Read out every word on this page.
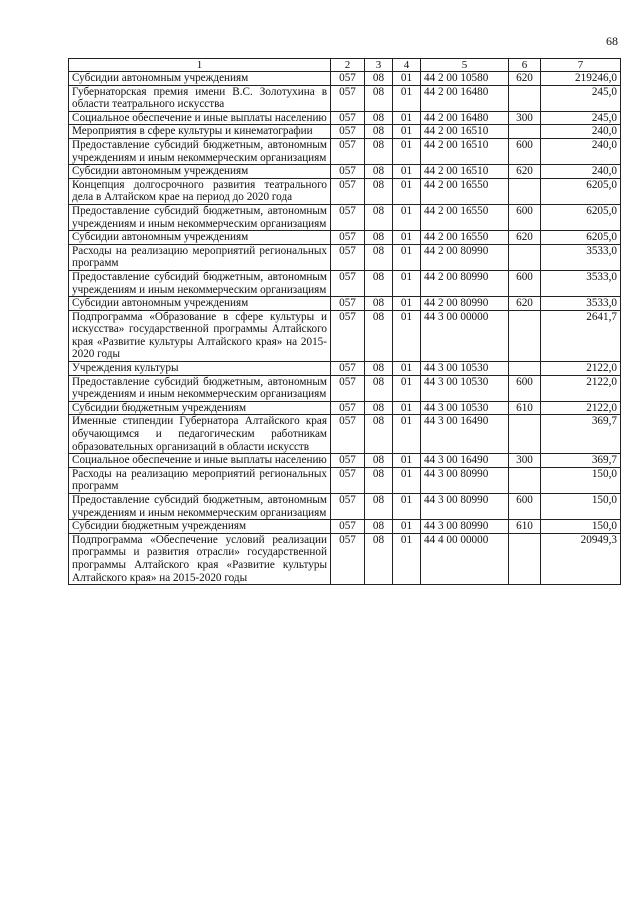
68
1	2	3	4	5	6	7
Субсидии автономным учреждениям	057	08	01	44 2 00 10580	620	219246,0
Губернаторская премия имени В.С. Золотухина в области театрального искусства	057	08	01	44 2 00 16480		245,0
Социальное обеспечение и иные выплаты населению	057	08	01	44 2 00 16480	300	245,0
Мероприятия в сфере культуры и кинематографии	057	08	01	44 2 00 16510		240,0
Предоставление субсидий бюджетным, автономным учреждениям и иным некоммерческим организациям	057	08	01	44 2 00 16510	600	240,0
Субсидии автономным учреждениям	057	08	01	44 2 00 16510	620	240,0
Концепция долгосрочного развития театрального дела в Алтайском крае на период до 2020 года	057	08	01	44 2 00 16550		6205,0
Предоставление субсидий бюджетным, автономным учреждениям и иным некоммерческим организациям	057	08	01	44 2 00 16550	600	6205,0
Субсидии автономным учреждениям	057	08	01	44 2 00 16550	620	6205,0
Расходы на реализацию мероприятий региональных программ	057	08	01	44 2 00 80990		3533,0
Предоставление субсидий бюджетным, автономным учреждениям и иным некоммерческим организациям	057	08	01	44 2 00 80990	600	3533,0
Субсидии автономным учреждениям	057	08	01	44 2 00 80990	620	3533,0
Подпрограмма «Образование в сфере культуры и искусства» государственной программы Алтайского края «Развитие культуры Алтайского края» на 2015-2020 годы	057	08	01	44 3 00 00000		2641,7
Учреждения культуры	057	08	01	44 3 00 10530		2122,0
Предоставление субсидий бюджетным, автономным учреждениям и иным некоммерческим организациям	057	08	01	44 3 00 10530	600	2122,0
Субсидии бюджетным учреждениям	057	08	01	44 3 00 10530	610	2122,0
Именные стипендии Губернатора Алтайского края обучающимся и педагогическим работникам образовательных организаций в области искусств	057	08	01	44 3 00 16490		369,7
Социальное обеспечение и иные выплаты населению	057	08	01	44 3 00 16490	300	369,7
Расходы на реализацию мероприятий региональных программ	057	08	01	44 3 00 80990		150,0
Предоставление субсидий бюджетным, автономным учреждениям и иным некоммерческим организациям	057	08	01	44 3 00 80990	600	150,0
Субсидии бюджетным учреждениям	057	08	01	44 3 00 80990	610	150,0
Подпрограмма «Обеспечение условий реализации программы и развития отрасли» государственной программы Алтайского края «Развитие культуры Алтайского края» на 2015-2020 годы	057	08	01	44 4 00 00000		20949,3
